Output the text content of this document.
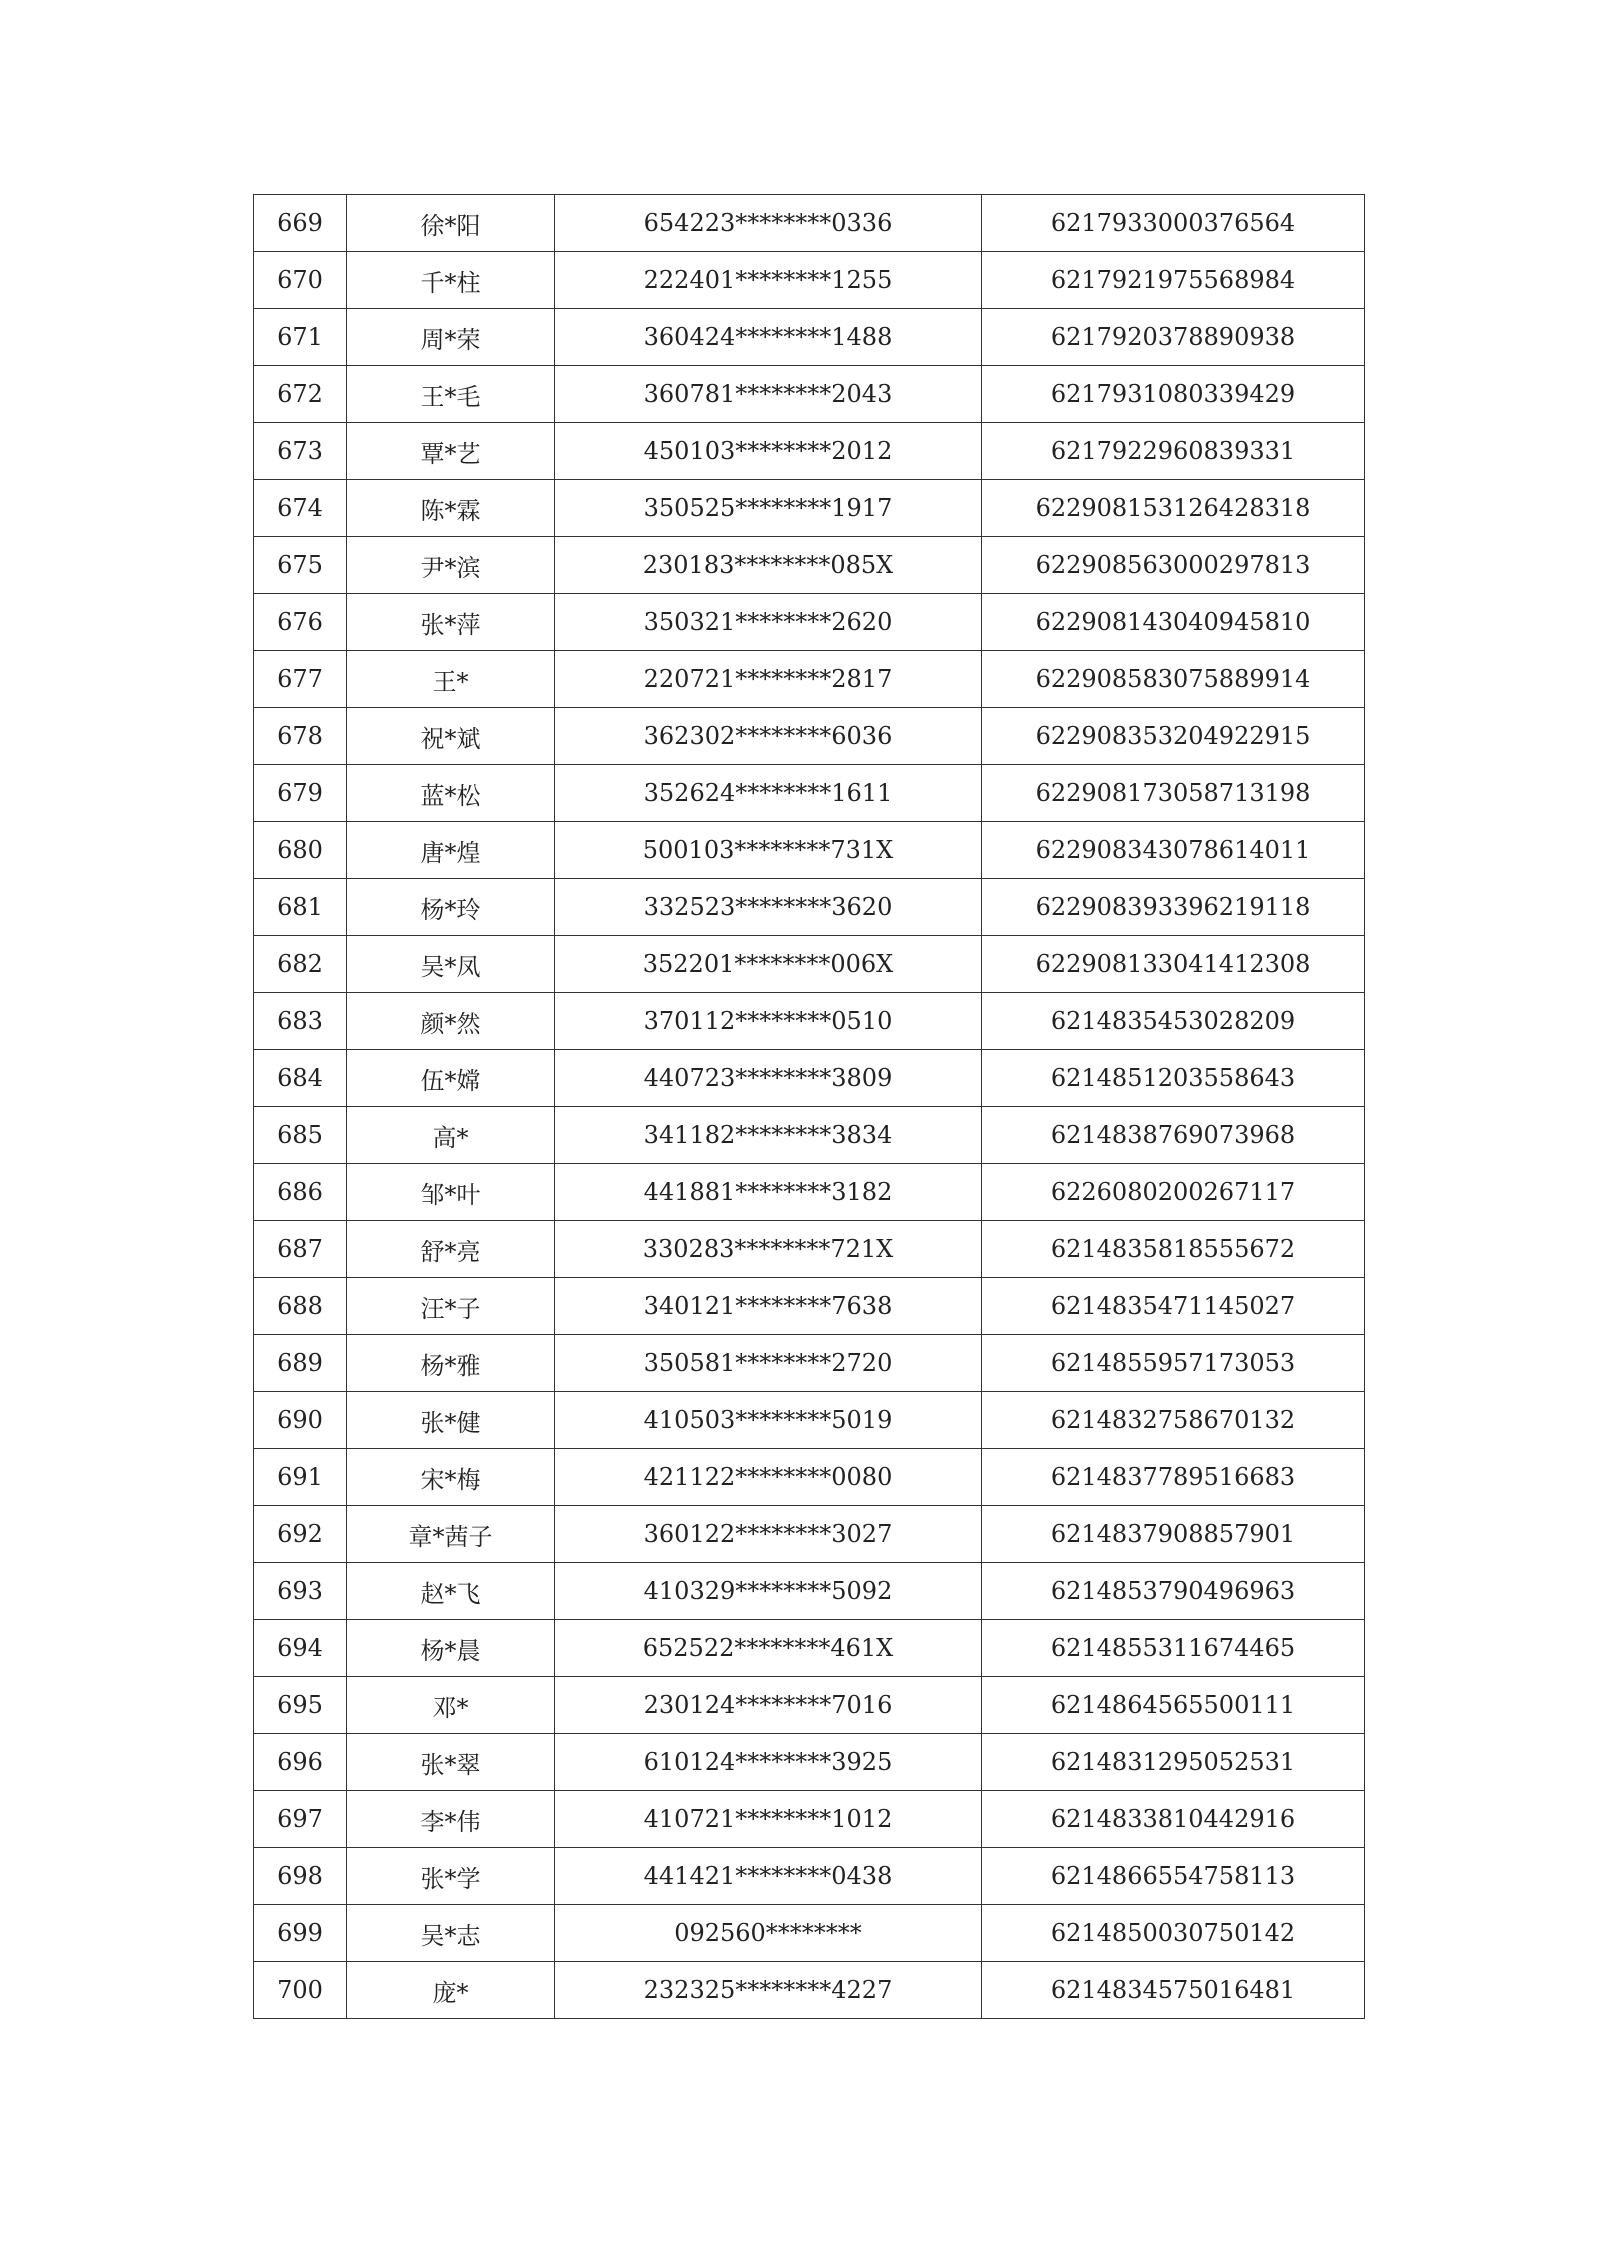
669	徐*阳	654223********0336	6217933000376564
670	千*柱	222401********1255	6217921975568984
671	周*荣	360424********1488	6217920378890938
672	王*毛	360781********2043	6217931080339429
673	覃*艺	450103********2012	6217922960839331
674	陈*霖	350525********1917	622908153126428318
675	尹*滨	230183********085X	622908563000297813
676	张*萍	350321********2620	622908143040945810
677	王*	220721********2817	622908583075889914
678	祝*斌	362302********6036	622908353204922915
679	蓝*松	352624********1611	622908173058713198
680	唐*煌	500103********731X	622908343078614011
681	杨*玲	332523********3620	622908393396219118
682	吴*凤	352201********006X	622908133041412308
683	颜*然	370112********0510	6214835453028209
684	伍*嫦	440723********3809	6214851203558643
685	高*	341182********3834	6214838769073968
686	邹*叶	441881********3182	6226080200267117
687	舒*亮	330283********721X	6214835818555672
688	汪*子	340121********7638	6214835471145027
689	杨*雅	350581********2720	6214855957173053
690	张*健	410503********5019	6214832758670132
691	宋*梅	421122********0080	6214837789516683
692	章*茜子	360122********3027	6214837908857901
693	赵*飞	410329********5092	6214853790496963
694	杨*晨	652522********461X	6214855311674465
695	邓*	230124********7016	6214864565500111
696	张*翠	610124********3925	6214831295052531
697	李*伟	410721********1012	6214833810442916
698	张*学	441421********0438	6214866554758113
699	吴*志	092560********	6214850030750142
700	庞*	232325********4227	6214834575016481
